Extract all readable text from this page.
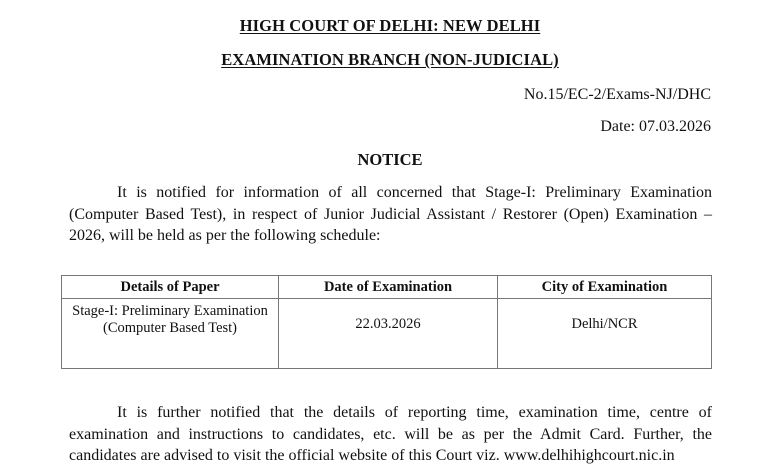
HIGH COURT OF DELHI: NEW DELHI
EXAMINATION BRANCH (NON-JUDICIAL)
No.15/EC-2/Exams-NJ/DHC
Date: 07.03.2026
NOTICE
It is notified for information of all concerned that Stage-I: Preliminary Examination (Computer Based Test), in respect of Junior Judicial Assistant / Restorer (Open) Examination – 2026, will be held as per the following schedule:
Details of Paper	Date of Examination	City of Examination
Stage-I: Preliminary Examination (Computer Based Test)	22.03.2026	Delhi/NCR
It is further notified that the details of reporting time, examination time, centre of examination and instructions to candidates, etc. will be as per the Admit Card. Further, the candidates are advised to visit the official website of this Court viz. www.delhihighcourt.nic.in
